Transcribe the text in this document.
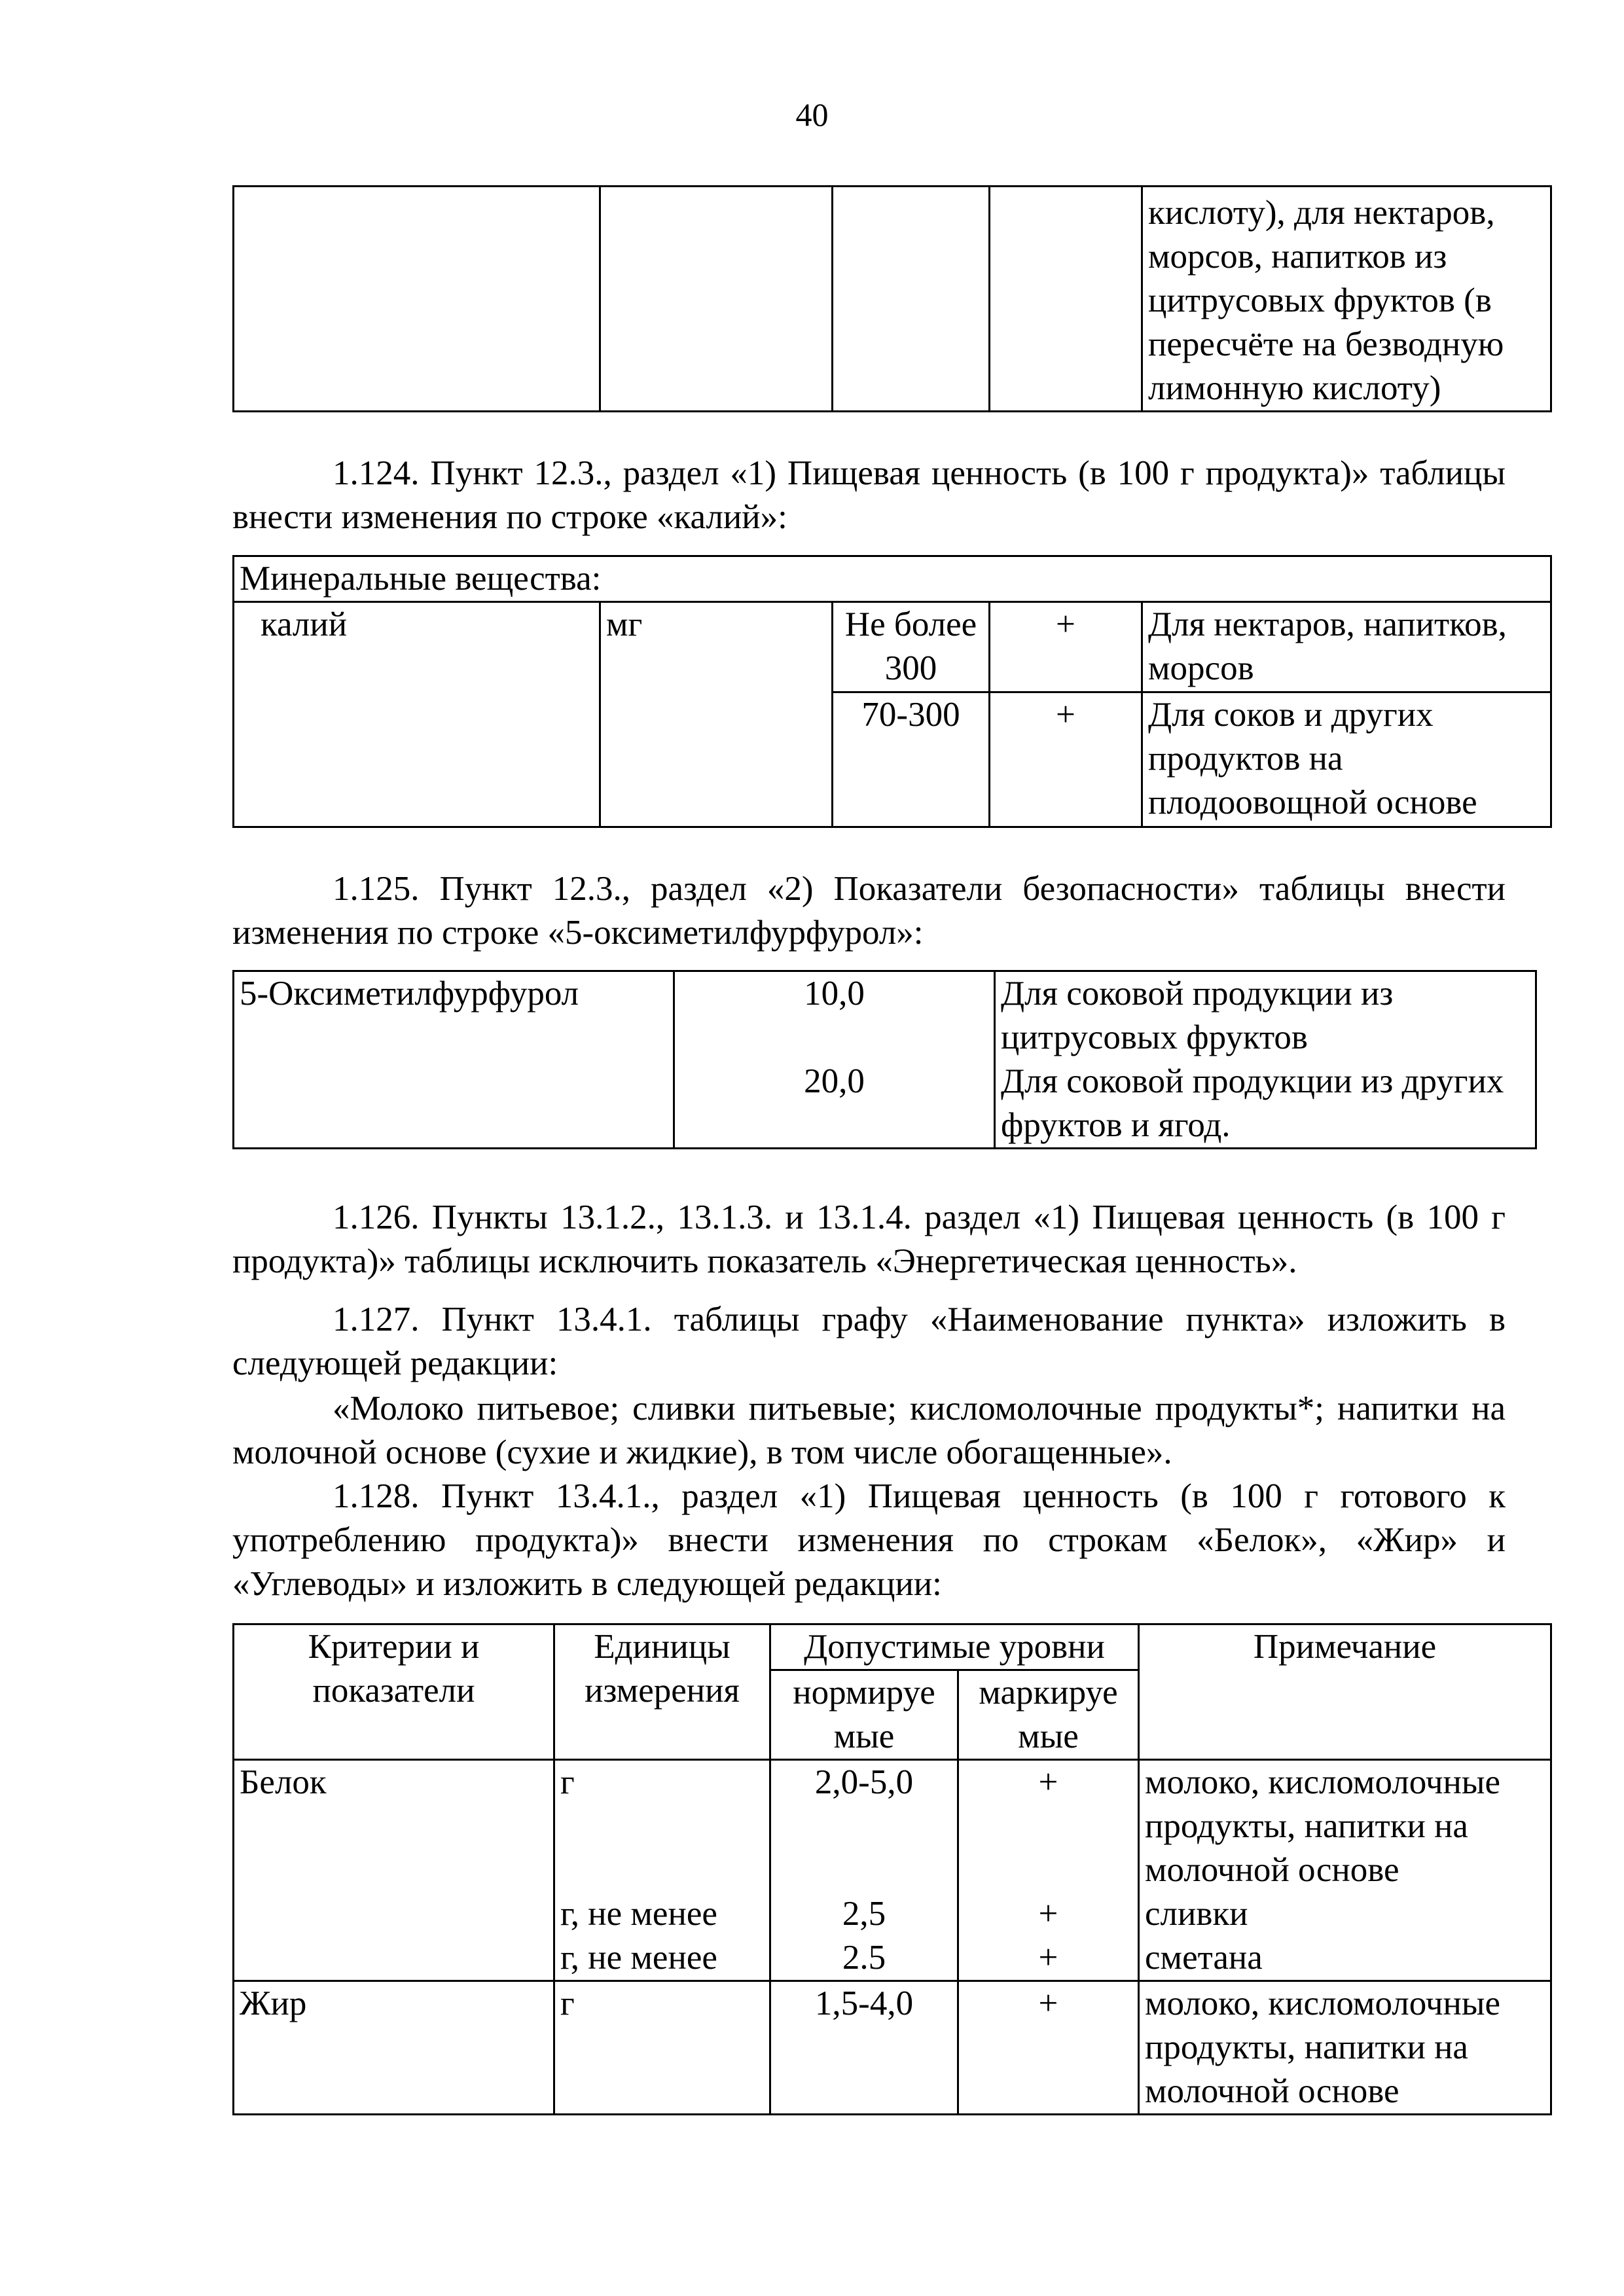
40

кислоту), для нектаров,
морсов, напитков из
цитрусовых фруктов (в
пересчёте на безводную
лимонную кислоту)
1.124. Пункт 12.3., раздел «1) Пищевая ценность (в 100 г продукта)» таблицы внести изменения по строке «калий»:
Минеральные вещества:				
калий	мг	Не более 300	+	Для нектаров, напитков, морсов
		70-300	+	Для соков и других продуктов на плодоовощной основе
1.125. Пункт 12.3., раздел «2) Показатели безопасности» таблицы внести изменения по строке «5-оксиметилфурфурол»:
5-Оксиметилфурфурол	10,0	Для соковой продукции из цитрусовых фруктов
	20,0	Для соковой продукции из других фруктов и ягод.
1.126. Пункты 13.1.2., 13.1.3. и 13.1.4. раздел «1) Пищевая ценность (в 100 г продукта)» таблицы исключить показатель «Энергетическая ценность».
1.127. Пункт 13.4.1. таблицы графу «Наименование пункта» изложить в следующей редакции:
«Молоко питьевое; сливки питьевые; кисломолочные продукты*; напитки на молочной основе (сухие и жидкие), в том числе обогащенные».
1.128. Пункт 13.4.1., раздел «1) Пищевая ценность (в 100 г готового к употреблению продукта)» внести изменения по строкам «Белок», «Жир» и «Углеводы» и изложить в следующей редакции:
Критерии и показатели	Единицы измерения	Допустимые уровни		Примечание
		нормируе мые	маркируе мые	
Белок	г	2,0-5,0	+	молоко, кисломолочные продукты, напитки на молочной основе
	г, не менее	2,5	+	сливки
	г, не менее	2.5	+	сметана
Жир	г	1,5-4,0	+	молоко, кисломолочные продукты, напитки на молочной основе
